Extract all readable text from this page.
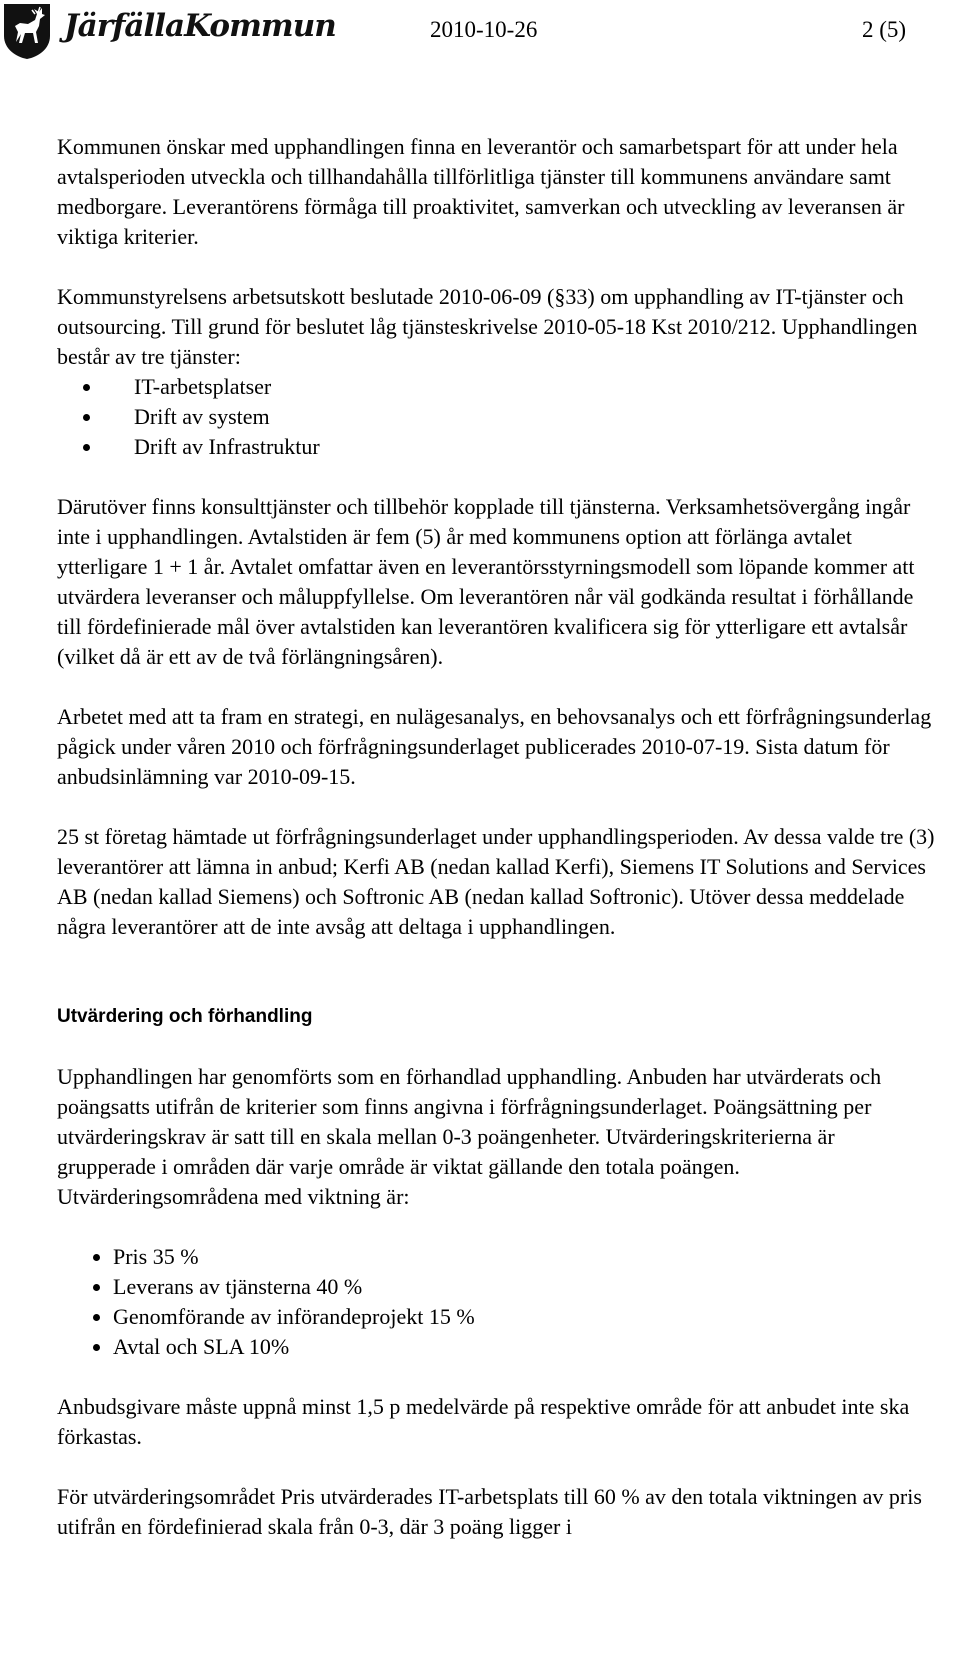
JärfällaKommun	2010-10-26	2 (5)

Kommunen önskar med upphandlingen finna en leverantör och samarbetspart för att under hela avtalsperioden utveckla och tillhandahålla tillförlitliga tjänster till kommunens användare samt medborgare. Leverantörens förmåga till proaktivitet, samverkan och utveckling av leveransen är viktiga kriterier.

Kommunstyrelsens arbetsutskott beslutade 2010-06-09 (§33) om upphandling av IT-tjänster och outsourcing. Till grund för beslutet låg tjänsteskrivelse 2010-05-18 Kst 2010/212. Upphandlingen består av tre tjänster:

IT-arbetsplatser
Drift av system
Drift av Infrastruktur

Därutöver finns konsulttjänster och tillbehör kopplade till tjänsterna. Verksamhetsövergång ingår inte i upphandlingen. Avtalstiden är fem (5) år med kommunens option att förlänga avtalet ytterligare 1 + 1 år. Avtalet omfattar även en leverantörsstyrningsmodell som löpande kommer att utvärdera leveranser och måluppfyllelse. Om leverantören når väl godkända resultat i förhållande till fördefinierade mål över avtalstiden kan leverantören kvalificera sig för ytterligare ett avtalsår (vilket då är ett av de två förlängningsåren).

Arbetet med att ta fram en strategi, en nulägesanalys, en behovsanalys och ett förfrågningsunderlag pågick under våren 2010 och förfrågningsunderlaget publicerades 2010-07-19. Sista datum för anbudsinlämning var 2010-09-15.

25 st företag hämtade ut förfrågningsunderlaget under upphandlingsperioden. Av dessa valde tre (3) leverantörer att lämna in anbud; Kerfi AB (nedan kallad Kerfi), Siemens IT Solutions and Services AB (nedan kallad Siemens) och Softronic AB (nedan kallad Softronic). Utöver dessa meddelade några leverantörer att de inte avsåg att deltaga i upphandlingen.

Utvärdering och förhandling

Upphandlingen har genomförts som en förhandlad upphandling. Anbuden har utvärderats och poängsatts utifrån de kriterier som finns angivna i förfrågningsunderlaget. Poängsättning per utvärderingskrav är satt till en skala mellan 0-3 poängenheter. Utvärderingskriterierna är grupperade i områden där varje område är viktat gällande den totala poängen. Utvärderingsområdena med viktning är:

Pris 35 %
Leverans av tjänsterna 40 %
Genomförande av införandeprojekt 15 %
Avtal och SLA 10%

Anbudsgivare måste uppnå minst 1,5 p medelvärde på respektive område för att anbudet inte ska förkastas.

För utvärderingsområdet Pris utvärderades IT-arbetsplats till 60 % av den totala viktningen av pris utifrån en fördefinierad skala från 0-3, där 3 poäng ligger i
